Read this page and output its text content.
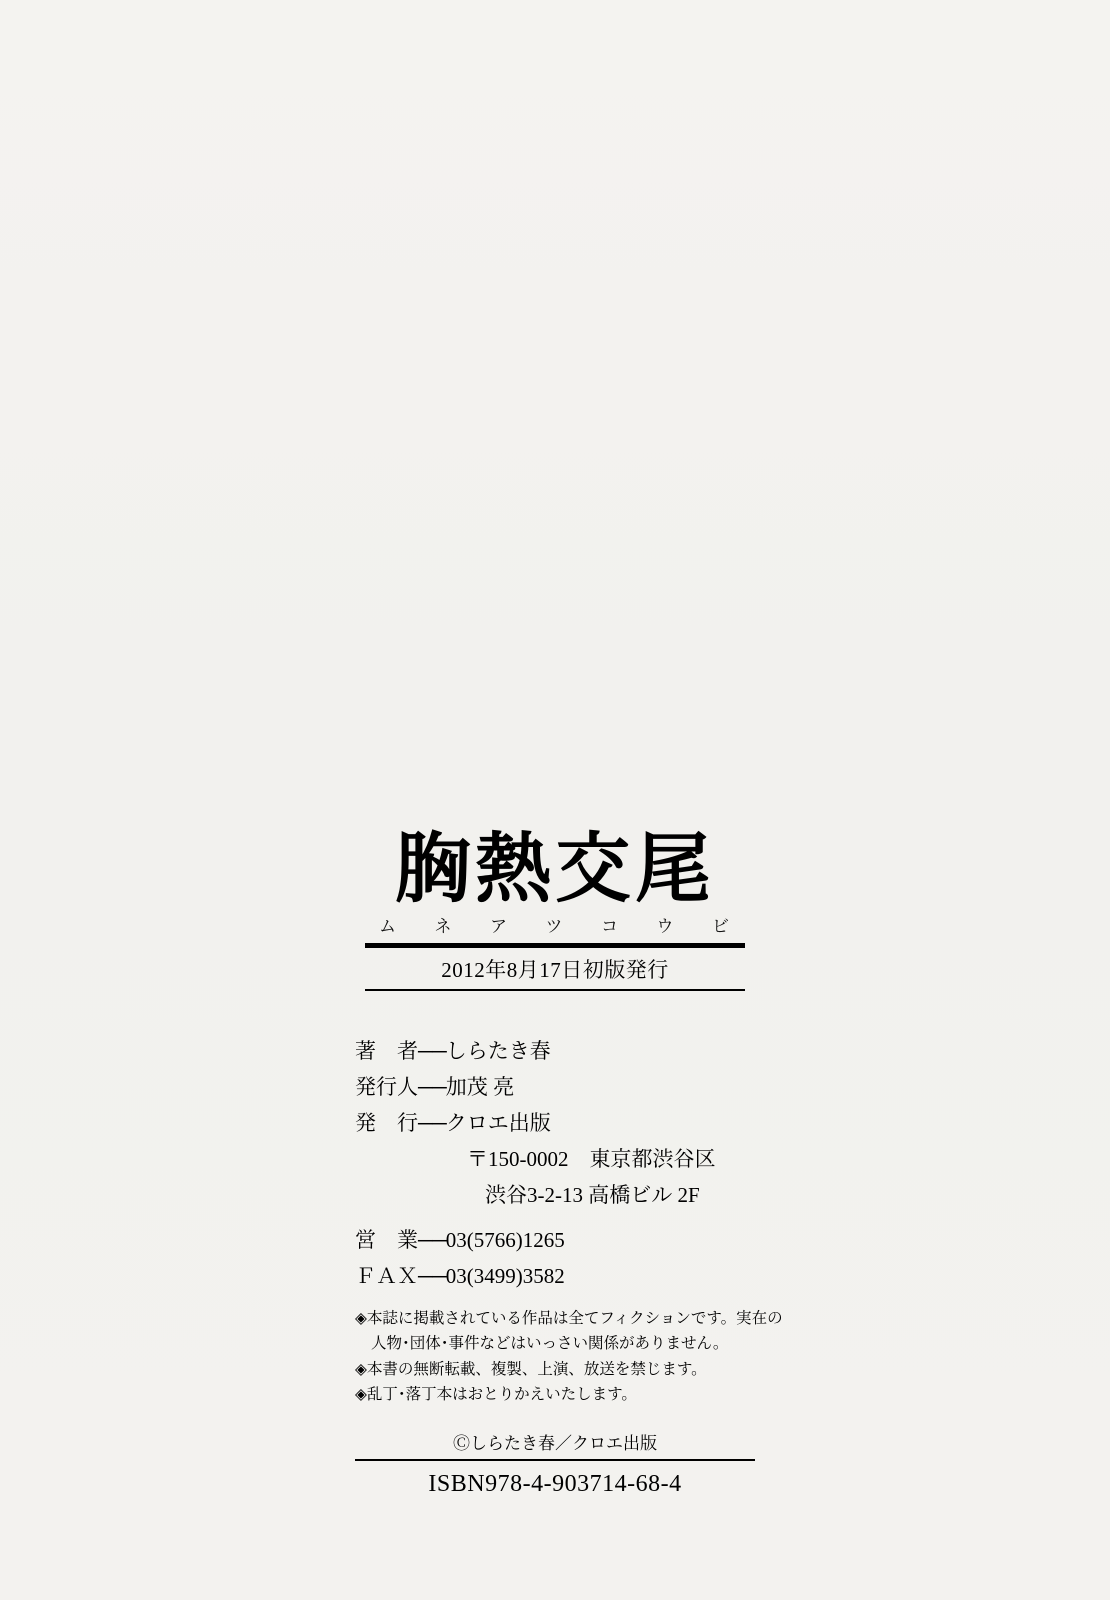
胸熱交尾
ム ネ ア ツ コ ウ ビ
2012年8月17日初版発行
著　者──しらたき春
発行人──加茂 亮
発　行──クロエ出版
〒150-0002　東京都渋谷区
渋谷3-2-13 高橋ビル 2F
営　業──03(5766)1265
ＦＡＸ──03(3499)3582
◈本誌に掲載されている作品は全てフィクションです。実在の
人物･団体･事件などはいっさい関係がありません。
◈本書の無断転載、複製、上演、放送を禁じます。
◈乱丁･落丁本はおとりかえいたします。
Ⓒしらたき春／クロエ出版
ISBN978-4-903714-68-4
